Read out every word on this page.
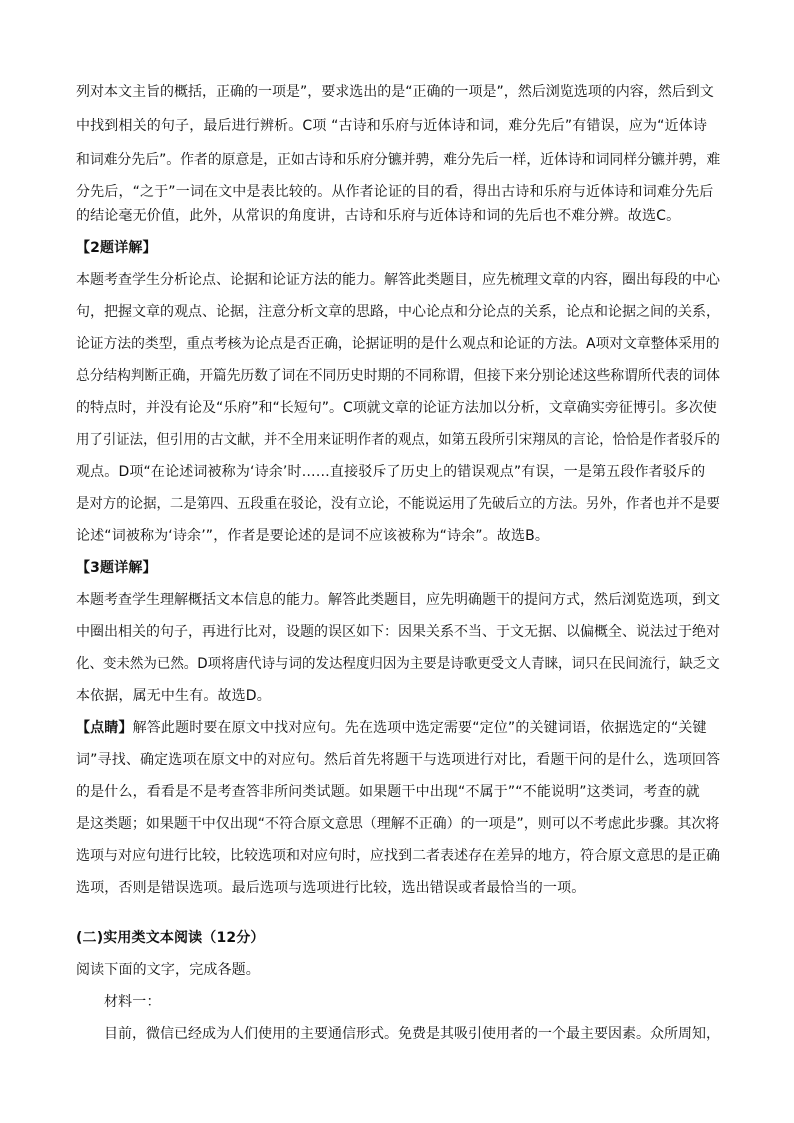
列对本文主旨的概括，正确的一项是”，要求选出的是“正确的一项是”，然后浏览选项的内容，然后到文
中找到相关的句子，最后进行辨析。C项 “古诗和乐府与近体诗和词，难分先后”有错误，应为“近体诗
和词难分先后”。作者的原意是，正如古诗和乐府分镳并骋，难分先后一样，近体诗和词同样分镳并骋，难
分先后，“之于”一词在文中是表比较的。从作者论证的目的看，得出古诗和乐府与近体诗和词难分先后
的结论毫无价值，此外，从常识的角度讲，古诗和乐府与近体诗和词的先后也不难分辨。故选C。
【2题详解】
本题考查学生分析论点、论据和论证方法的能力。解答此类题目，应先梳理文章的内容，圈出每段的中心
句，把握文章的观点、论据，注意分析文章的思路，中心论点和分论点的关系，论点和论据之间的关系，
论证方法的类型，重点考核为论点是否正确，论据证明的是什么观点和论证的方法。A项对文章整体采用的
总分结构判断正确，开篇先历数了词在不同历史时期的不同称谓，但接下来分别论述这些称谓所代表的词体
的特点时，并没有论及“乐府”和“长短句”。C项就文章的论证方法加以分析，文章确实旁征博引。多次使
用了引证法，但引用的古文献，并不全用来证明作者的观点，如第五段所引宋翔凤的言论，恰恰是作者驳斥的
观点。D项“在论述词被称为‘诗余’时……直接驳斥了历史上的错误观点”有误，一是第五段作者驳斥的
是对方的论据，二是第四、五段重在驳论，没有立论，不能说运用了先破后立的方法。另外，作者也并不是要
论述“词被称为‘诗余’”，作者是要论述的是词不应该被称为“诗余”。故选B。
【3题详解】
本题考查学生理解概括文本信息的能力。解答此类题目，应先明确题干的提问方式，然后浏览选项，到文
中圈出相关的句子，再进行比对，设题的误区如下：因果关系不当、于文无据、以偏概全、说法过于绝对
化、变未然为已然。D项将唐代诗与词的发达程度归因为主要是诗歌更受文人青睐，词只在民间流行，缺乏文
本依据，属无中生有。故选D。
【点睛】解答此题时要在原文中找对应句。先在选项中选定需要“定位”的关键词语，依据选定的“关键
词”寻找、确定选项在原文中的对应句。然后首先将题干与选项进行对比，看题干问的是什么，选项回答
的是什么，看看是不是考查答非所问类试题。如果题干中出现“不属于”“不能说明”这类词，考查的就
是这类题；如果题干中仅出现“不符合原文意思（理解不正确）的一项是”，则可以不考虑此步骤。其次将
选项与对应句进行比较，比较选项和对应句时，应找到二者表述存在差异的地方，符合原文意思的是正确
选项，否则是错误选项。最后选项与选项进行比较，选出错误或者最恰当的一项。
(二)实用类文本阅读（12分）
阅读下面的文字，完成各题。
材料一：
目前，微信已经成为人们使用的主要通信形式。免费是其吸引使用者的一个最主要因素。众所周知，
